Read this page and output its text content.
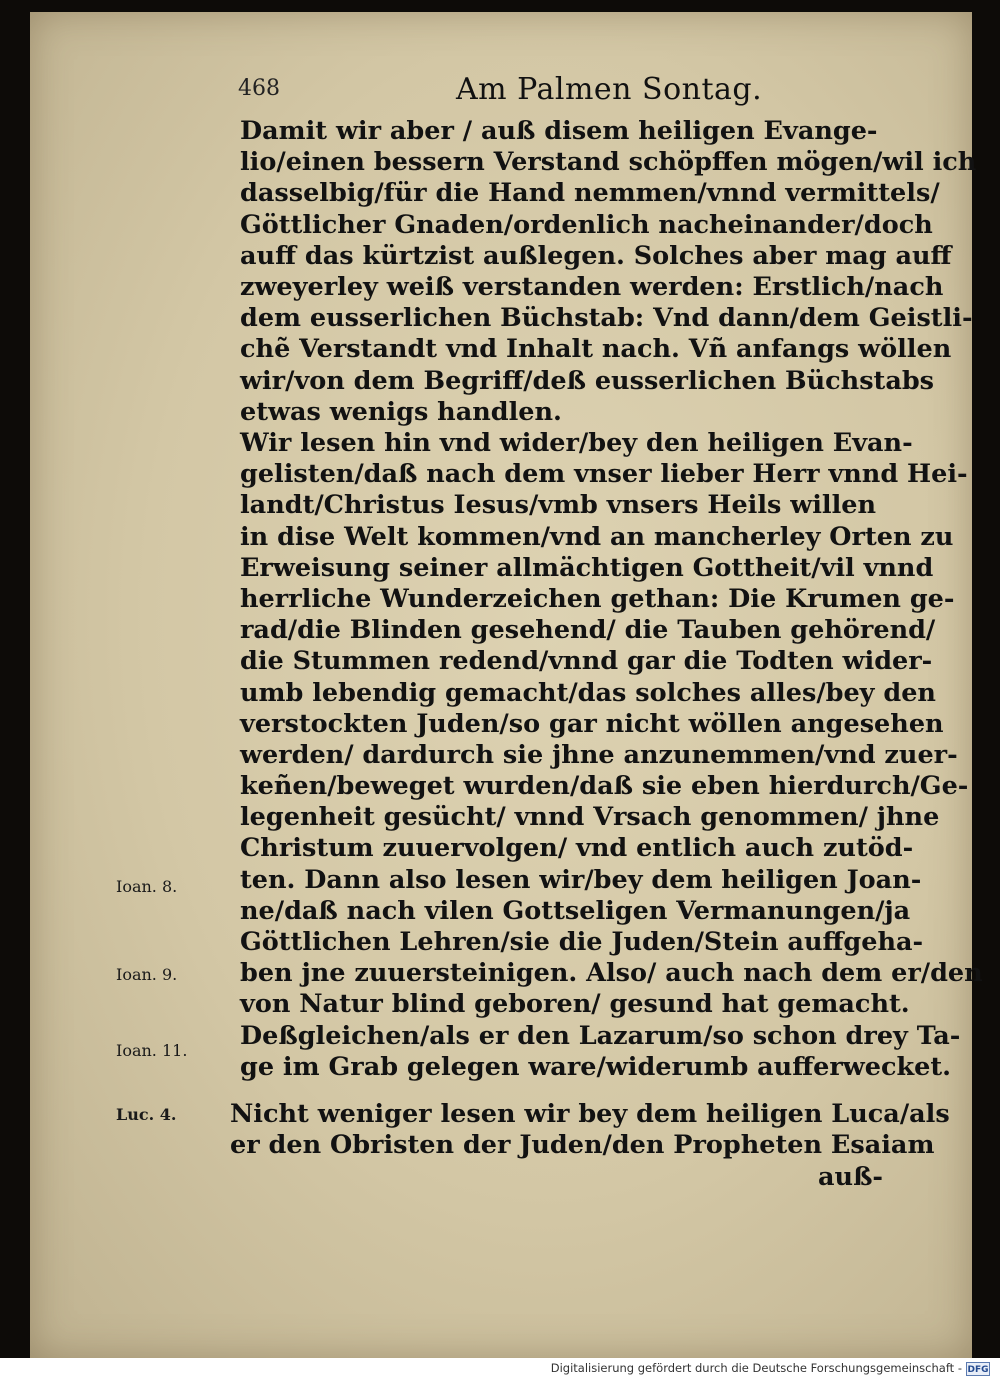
468	Am Palmen Sontag.
Damit wir aber / auß disem heiligen Evange-
lio/einen bessern Verstand schöpffen mögen/wil ich
dasselbig/für die Hand nemmen/vnnd vermittels/
Göttlicher Gnaden/ordenlich nacheinander/doch
auff das kürtzist außlegen. Solches aber mag auff
zweyerley weiß verstanden werden: Erstlich/nach
dem eusserlichen Büchstab: Vnd dann/dem Geistli-
chẽ Verstandt vnd Inhalt nach. Vñ anfangs wöllen
wir/von dem Begriff/deß eusserlichen Büchstabs
etwas wenigs handlen.
Wir lesen hin vnd wider/bey den heiligen Evan-
gelisten/daß nach dem vnser lieber Herr vnnd Hei-
landt/Christus Iesus/vmb vnsers Heils willen
in dise Welt kommen/vnd an mancherley Orten zu
Erweisung seiner allmächtigen Gottheit/vil vnnd
herrliche Wunderzeichen gethan: Die Krumen ge-
rad/die Blinden gesehend/ die Tauben gehörend/
die Stummen redend/vnnd gar die Todten wider-
umb lebendig gemacht/das solches alles/bey den
verstockten Juden/so gar nicht wöllen angesehen
werden/ dardurch sie jhne anzunemmen/vnd zuer-
keñen/beweget wurden/daß sie eben hierdurch/Ge-
legenheit gesücht/ vnnd Vrsach genommen/ jhne
Christum zuuervolgen/ vnd entlich auch zutöd-
ten. Dann also lesen wir/bey dem heiligen Joan-
ne/daß nach vilen Gottseligen Vermanungen/ja
Göttlichen Lehren/sie die Juden/Stein auffgeha-
ben jne zuuersteinigen. Also/ auch nach dem er/den
von Natur blind geboren/ gesund hat gemacht.
Deßgleichen/als er den Lazarum/so schon drey Ta-
ge im Grab gelegen ware/widerumb aufferwecket.
Nicht weniger lesen wir bey dem heiligen Luca/als
er den Obristen der Juden/den Propheten Esaiam
auß-
Ioan. 8.
Ioan. 9.
Ioan. 11.
Luc. 4.
Digitalisierung gefördert durch die Deutsche Forschungsgemeinschaft - DFG
